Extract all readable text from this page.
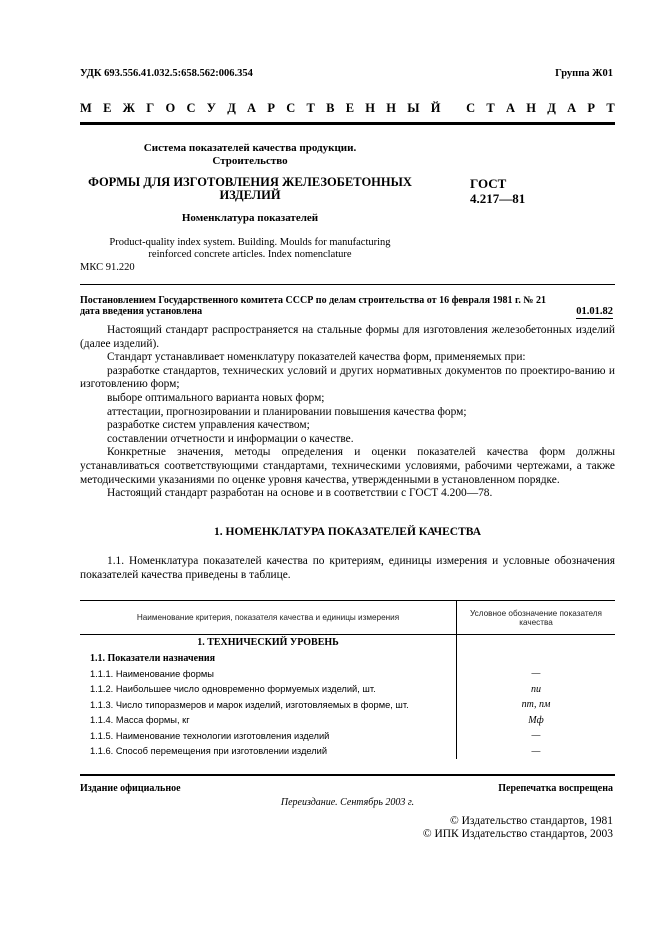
УДК 693.556.41.032.5:658.562:006.354	Группа Ж01
М Е Ж Г О С У Д А Р С Т В Е Н Н Ы Й
С Т А Н Д А Р Т
Система показателей качества продукции.
Строительство
ФОРМЫ ДЛЯ ИЗГОТОВЛЕНИЯ ЖЕЛЕЗОБЕТОННЫХ
ИЗДЕЛИЙ
ГОСТ
4.217—81
Номенклатура показателей
Product-quality index system. Building. Moulds for manufacturing
reinforced concrete articles. Index nomenclature
МКС 91.220
Постановлением Государственного комитета СССР по делам строительства от 16 февраля 1981 г. № 21
дата введения установлена	01.01.82

Настоящий стандарт распространяется на стальные формы для изготовления железобетонных изделий (далее изделий).

Стандарт устанавливает номенклатуру показателей качества форм, применяемых при:

разработке стандартов, технических условий и других нормативных документов по проектиро-ванию и изготовлению форм;

выборе оптимального варианта новых форм;

аттестации, прогнозировании и планировании повышения качества форм;

разработке систем управления качеством;

составлении отчетности и информации о качестве.

Конкретные значения, методы определения и оценки показателей качества форм должны устанавливаться соответствующими стандартами, техническими условиями, рабочими чертежами, а также методическими указаниями по оценке уровня качества, утвержденными в установленном порядке.

Настоящий стандарт разработан на основе и в соответствии с ГОСТ 4.200—78.

1. НОМЕНКЛАТУРА ПОКАЗАТЕЛЕЙ КАЧЕСТВА
1.1. Номенклатура показателей качества по критериям, единицы измерения и условные обозначения показателей качества приведены в таблице.
Наименование критерия, показателя качества и единицы измерения	Условное обозначение показателя качества
1. ТЕХНИЧЕСКИЙ УРОВЕНЬ	
1.1. Показатели назначения	
1.1.1. Наименование формы	—
1.1.2. Наибольшее число одновременно формуемых изделий, шт.	nи
1.1.3. Число типоразмеров и марок изделий, изготовляемых в форме, шт.	nт, nм
1.1.4. Масса формы, кг	Mф
1.1.5. Наименование технологии изготовления изделий	—
1.1.6. Способ перемещения при изготовлении изделий	—
Издание официальное	Перепечатка воспрещена
Переиздание. Сентябрь 2003 г.
© Издательство стандартов, 1981
© ИПК Издательство стандартов, 2003
